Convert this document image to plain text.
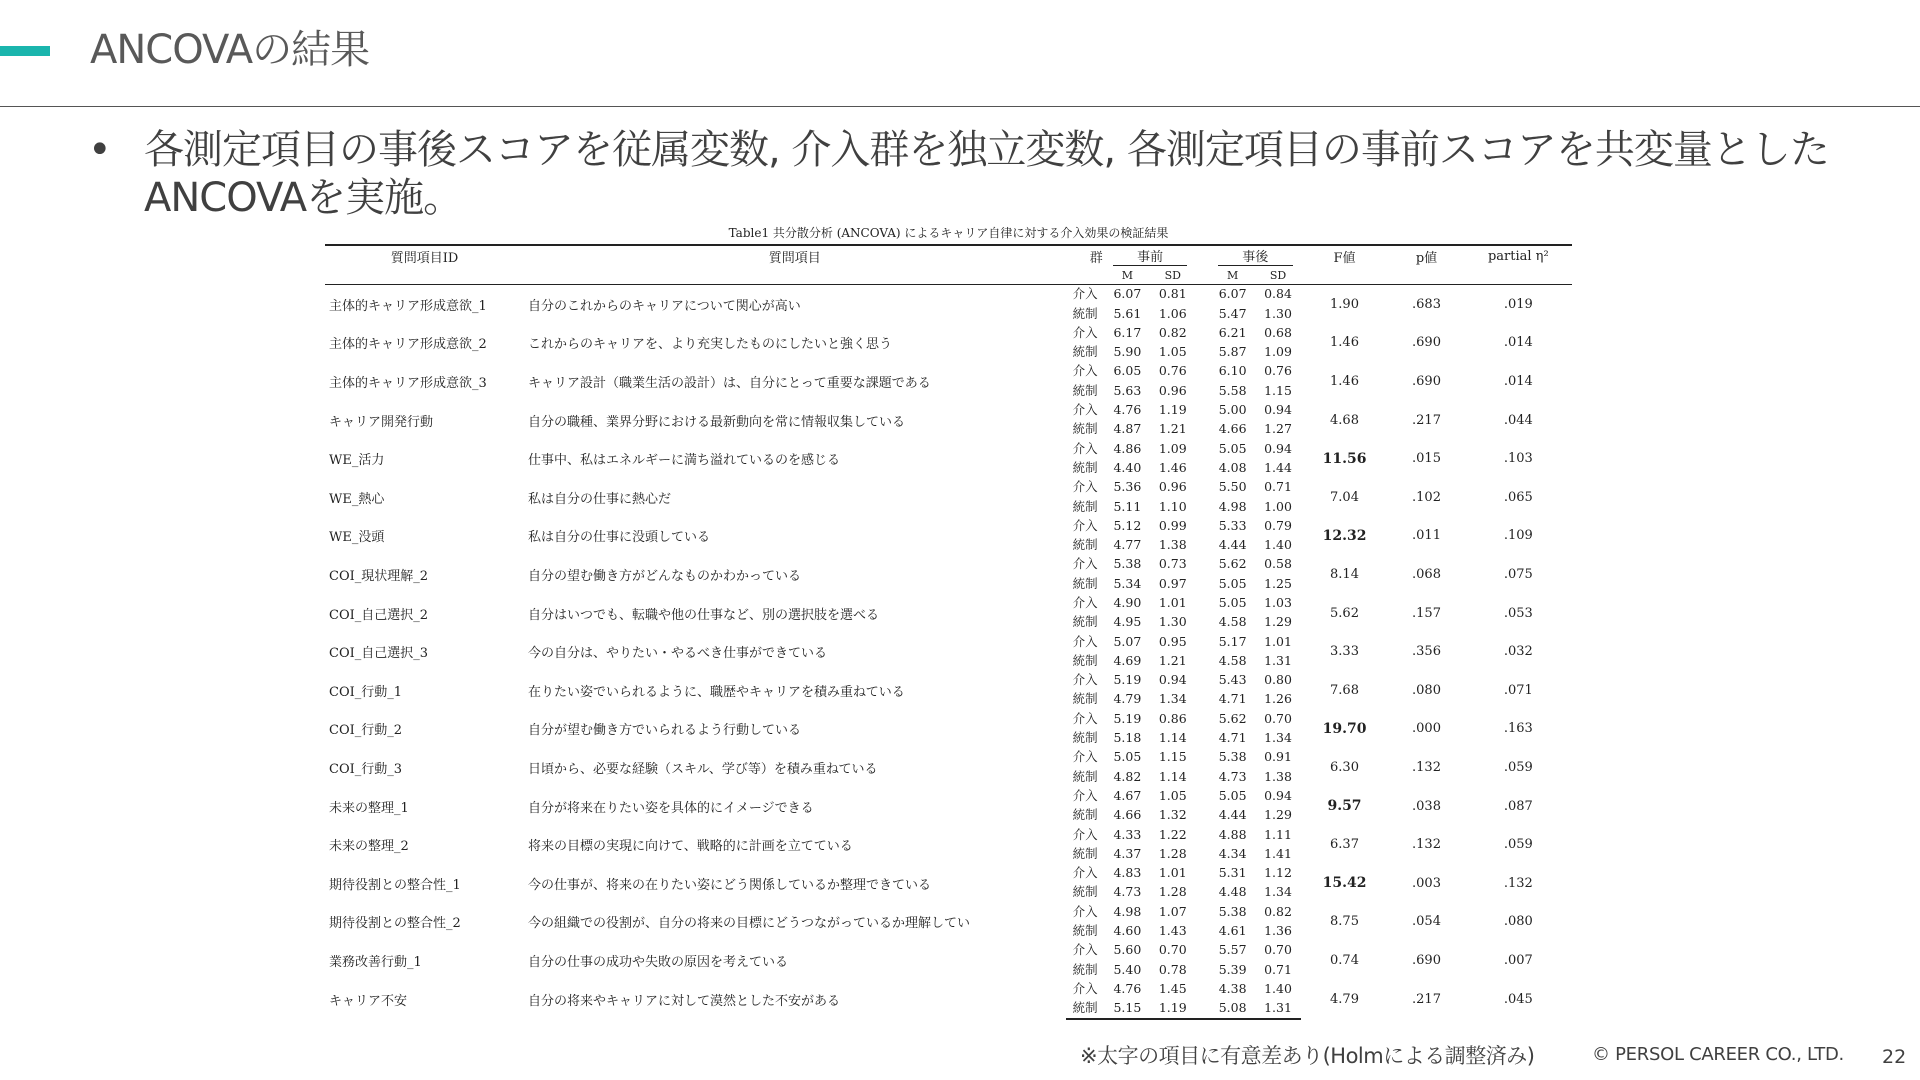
ANCOVAの結果
• 各測定項目の事後スコアを従属変数, 介入群を独立変数, 各測定項目の事前スコアを共変量としたANCOVAを実施。
Table1 共分散分析 (ANCOVA) によるキャリア自律に対する介入効果の検証結果
質問項目ID	質問項目	群	事前			事後		F値	p値	partial η²
			M	SD		M	SD			
主体的キャリア形成意欲_1	自分のこれからのキャリアについて関心が高い	介入	6.07	0.81		6.07	0.84	1.90	.683	.019
		統制	5.61	1.06		5.47	1.30			
主体的キャリア形成意欲_2	これからのキャリアを、より充実したものにしたいと強く思う	介入	6.17	0.82		6.21	0.68	1.46	.690	.014
		統制	5.90	1.05		5.87	1.09			
主体的キャリア形成意欲_3	キャリア設計（職業生活の設計）は、自分にとって重要な課題である	介入	6.05	0.76		6.10	0.76	1.46	.690	.014
		統制	5.63	0.96		5.58	1.15			
キャリア開発行動	自分の職種、業界分野における最新動向を常に情報収集している	介入	4.76	1.19		5.00	0.94	4.68	.217	.044
		統制	4.87	1.21		4.66	1.27			
WE_活力	仕事中、私はエネルギーに満ち溢れているのを感じる	介入	4.86	1.09		5.05	0.94	11.56	.015	.103
		統制	4.40	1.46		4.08	1.44			
WE_熱心	私は自分の仕事に熱心だ	介入	5.36	0.96		5.50	0.71	7.04	.102	.065
		統制	5.11	1.10		4.98	1.00			
WE_没頭	私は自分の仕事に没頭している	介入	5.12	0.99		5.33	0.79	12.32	.011	.109
		統制	4.77	1.38		4.44	1.40			
COI_現状理解_2	自分の望む働き方がどんなものかわかっている	介入	5.38	0.73		5.62	0.58	8.14	.068	.075
		統制	5.34	0.97		5.05	1.25			
COI_自己選択_2	自分はいつでも、転職や他の仕事など、別の選択肢を選べる	介入	4.90	1.01		5.05	1.03	5.62	.157	.053
		統制	4.95	1.30		4.58	1.29			
COI_自己選択_3	今の自分は、やりたい・やるべき仕事ができている	介入	5.07	0.95		5.17	1.01	3.33	.356	.032
		統制	4.69	1.21		4.58	1.31			
COI_行動_1	在りたい姿でいられるように、職歴やキャリアを積み重ねている	介入	5.19	0.94		5.43	0.80	7.68	.080	.071
		統制	4.79	1.34		4.71	1.26			
COI_行動_2	自分が望む働き方でいられるよう行動している	介入	5.19	0.86		5.62	0.70	19.70	.000	.163
		統制	5.18	1.14		4.71	1.34			
COI_行動_3	日頃から、必要な経験（スキル、学び等）を積み重ねている	介入	5.05	1.15		5.38	0.91	6.30	.132	.059
		統制	4.82	1.14		4.73	1.38			
未来の整理_1	自分が将来在りたい姿を具体的にイメージできる	介入	4.67	1.05		5.05	0.94	9.57	.038	.087
		統制	4.66	1.32		4.44	1.29			
未来の整理_2	将来の目標の実現に向けて、戦略的に計画を立てている	介入	4.33	1.22		4.88	1.11	6.37	.132	.059
		統制	4.37	1.28		4.34	1.41			
期待役割との整合性_1	今の仕事が、将来の在りたい姿にどう関係しているか整理できている	介入	4.83	1.01		5.31	1.12	15.42	.003	.132
		統制	4.73	1.28		4.48	1.34			
期待役割との整合性_2	今の組織での役割が、自分の将来の目標にどうつながっているか理解してい	介入	4.98	1.07		5.38	0.82	8.75	.054	.080
		統制	4.60	1.43		4.61	1.36			
業務改善行動_1	自分の仕事の成功や失敗の原因を考えている	介入	5.60	0.70		5.57	0.70	0.74	.690	.007
		統制	5.40	0.78		5.39	0.71			
キャリア不安	自分の将来やキャリアに対して漠然とした不安がある	介入	4.76	1.45		4.38	1.40	4.79	.217	.045
		統制	5.15	1.19		5.08	1.31			
※太字の項目に有意差あり(Holmによる調整済み)	© PERSOL CAREER CO., LTD. 22
